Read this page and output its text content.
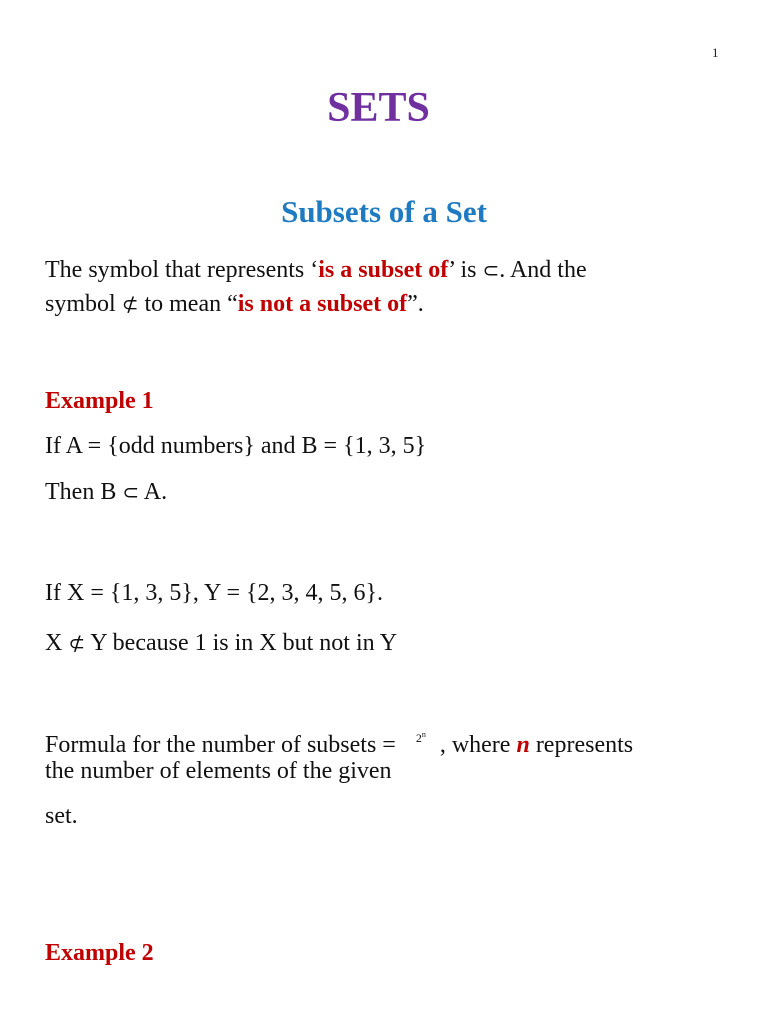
1
SETS
Subsets of a Set
The symbol that represents ‘is a subset of’ is ⊂. And the
symbol ⊄ to mean “is not a subset of”.
Example 1
If A = {odd numbers} and B = {1, 3, 5}
Then B ⊂ A.
If X = {1, 3, 5}, Y = {2, 3, 4, 5, 6}.
X ⊄ Y because 1 is in X but not in Y
Formula for the number of subsets = $2^n$ , where n represents
the number of elements of the given
set.
Example 2
